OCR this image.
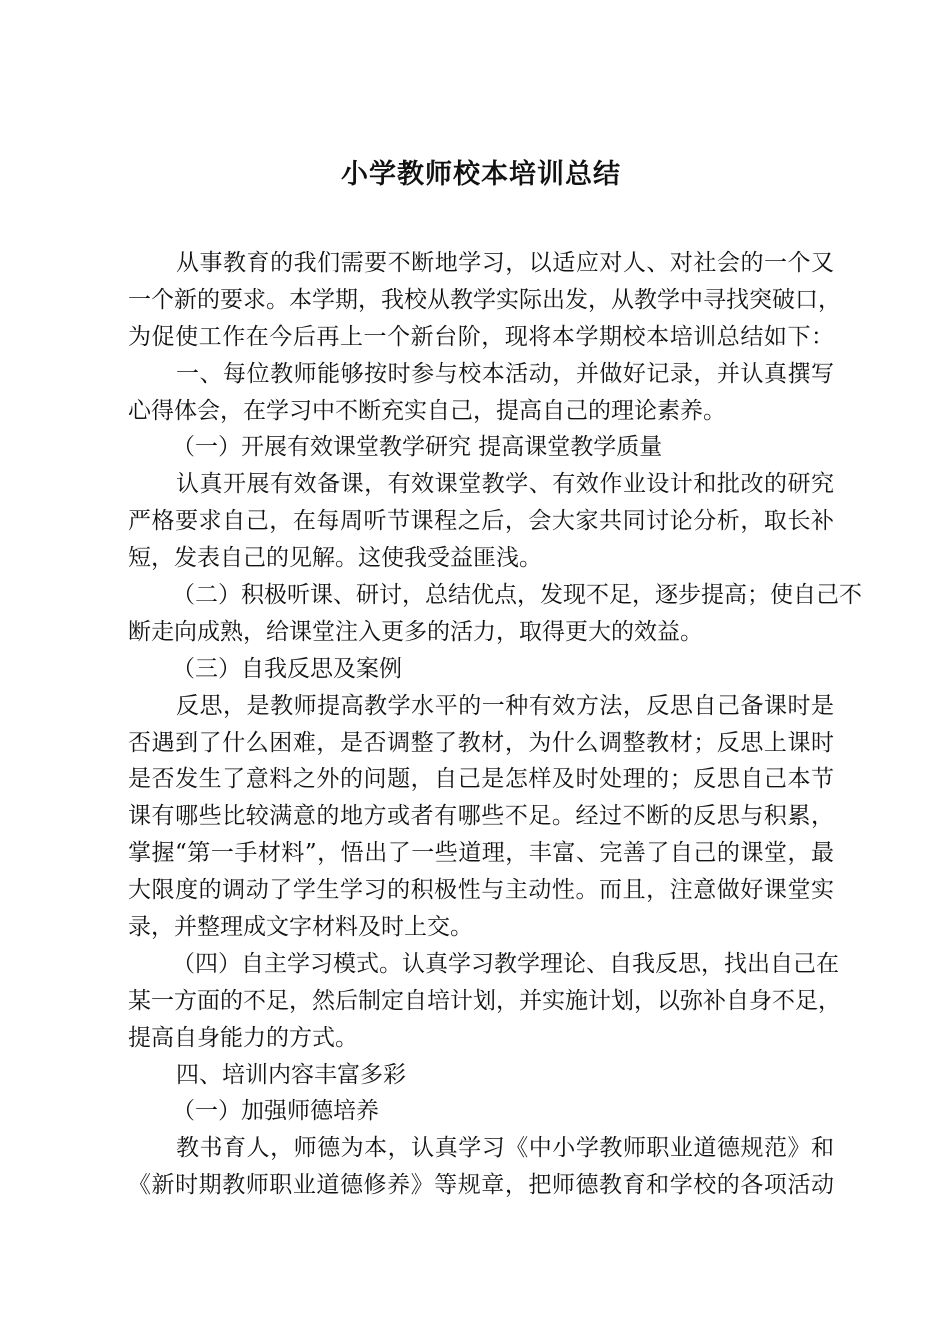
小学教师校本培训总结
从事教育的我们需要不断地学习，以适应对人、对社会的一个又
一个新的要求。本学期，我校从教学实际出发，从教学中寻找突破口，
为促使工作在今后再上一个新台阶，现将本学期校本培训总结如下：
一、每位教师能够按时参与校本活动，并做好记录，并认真撰写
心得体会，在学习中不断充实自己，提高自己的理论素养。
（一）开展有效课堂教学研究 提高课堂教学质量
认真开展有效备课，有效课堂教学、有效作业设计和批改的研究
严格要求自己，在每周听节课程之后，会大家共同讨论分析，取长补
短，发表自己的见解。这使我受益匪浅。
（二）积极听课、研讨，总结优点，发现不足，逐步提高；使自己不
断走向成熟，给课堂注入更多的活力，取得更大的效益。
（三）自我反思及案例
反思，是教师提高教学水平的一种有效方法，反思自己备课时是
否遇到了什么困难，是否调整了教材，为什么调整教材；反思上课时
是否发生了意料之外的问题，自己是怎样及时处理的；反思自己本节
课有哪些比较满意的地方或者有哪些不足。经过不断的反思与积累，
掌握“第一手材料”，悟出了一些道理，丰富、完善了自己的课堂，最
大限度的调动了学生学习的积极性与主动性。而且，注意做好课堂实
录，并整理成文字材料及时上交。
（四）自主学习模式。认真学习教学理论、自我反思，找出自己在
某一方面的不足，然后制定自培计划，并实施计划，以弥补自身不足，
提高自身能力的方式。
四、培训内容丰富多彩
（一）加强师德培养
教书育人，师德为本，认真学习《中小学教师职业道德规范》和
《新时期教师职业道德修养》等规章，把师德教育和学校的各项活动
